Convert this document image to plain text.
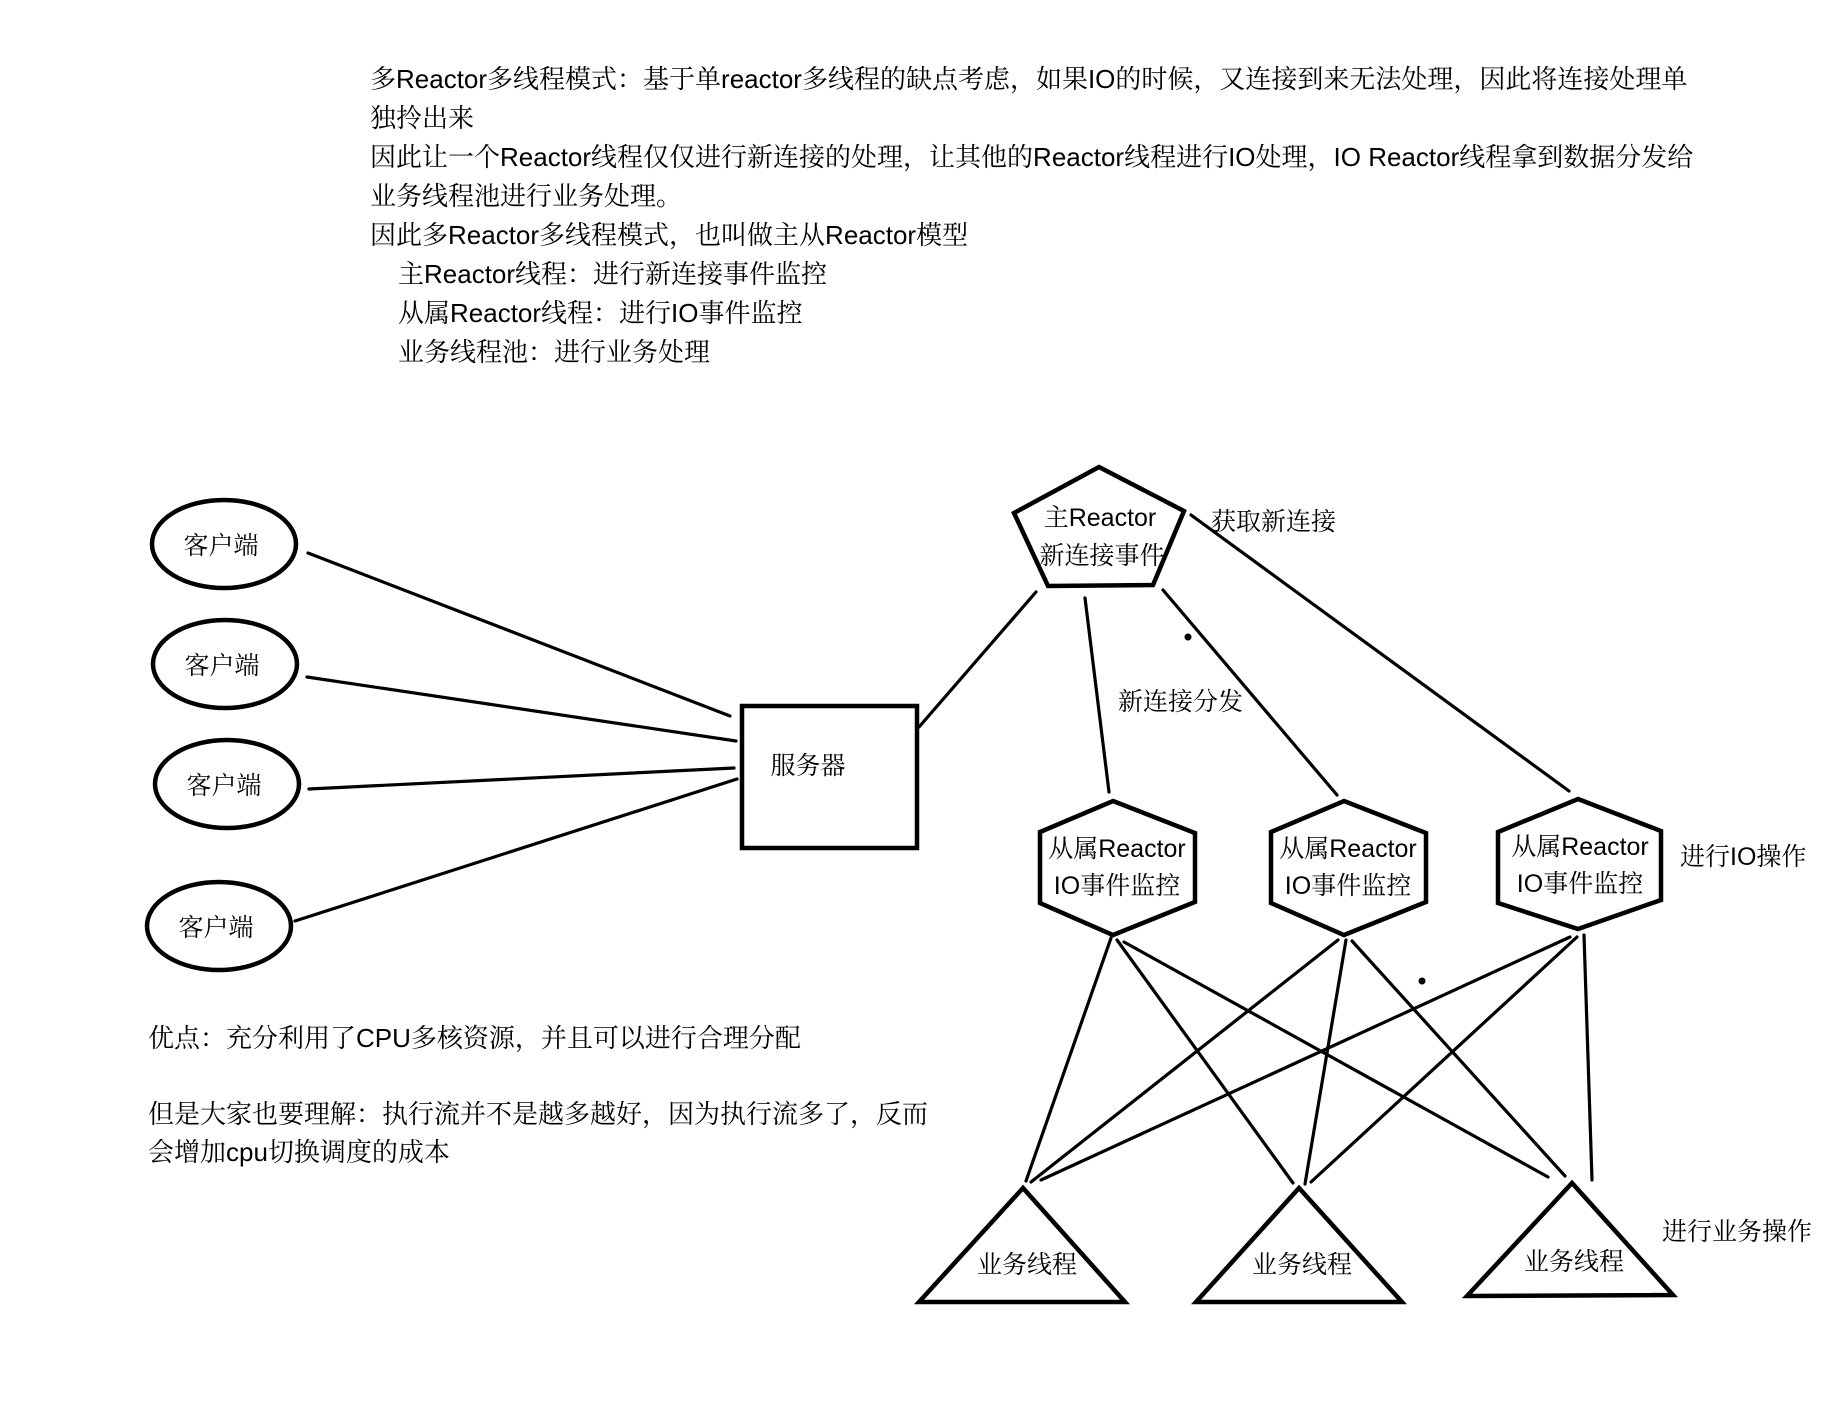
多Reactor多线程模式：基于单reactor多线程的缺点考虑，如果IO的时候，又连接到来无法处理，因此将连接处理单
独拎出来
因此让一个Reactor线程仅仅进行新连接的处理，让其他的Reactor线程进行IO处理，IO Reactor线程拿到数据分发给
业务线程池进行业务处理。
因此多Reactor多线程模式，也叫做主从Reactor模型
主Reactor线程：进行新连接事件监控
从属Reactor线程：进行IO事件监控
业务线程池：进行业务处理
优点：充分利用了CPU多核资源，并且可以进行合理分配
但是大家也要理解：执行流并不是越多越好，因为执行流多了，反而
会增加cpu切换调度的成本
客户端
客户端
客户端
客户端
服务器
主Reactor
新连接事件
从属Reactor
IO事件监控
从属Reactor
IO事件监控
从属Reactor
IO事件监控
业务线程	业务线程	业务线程
获取新连接
新连接分发
进行IO操作
进行业务操作
